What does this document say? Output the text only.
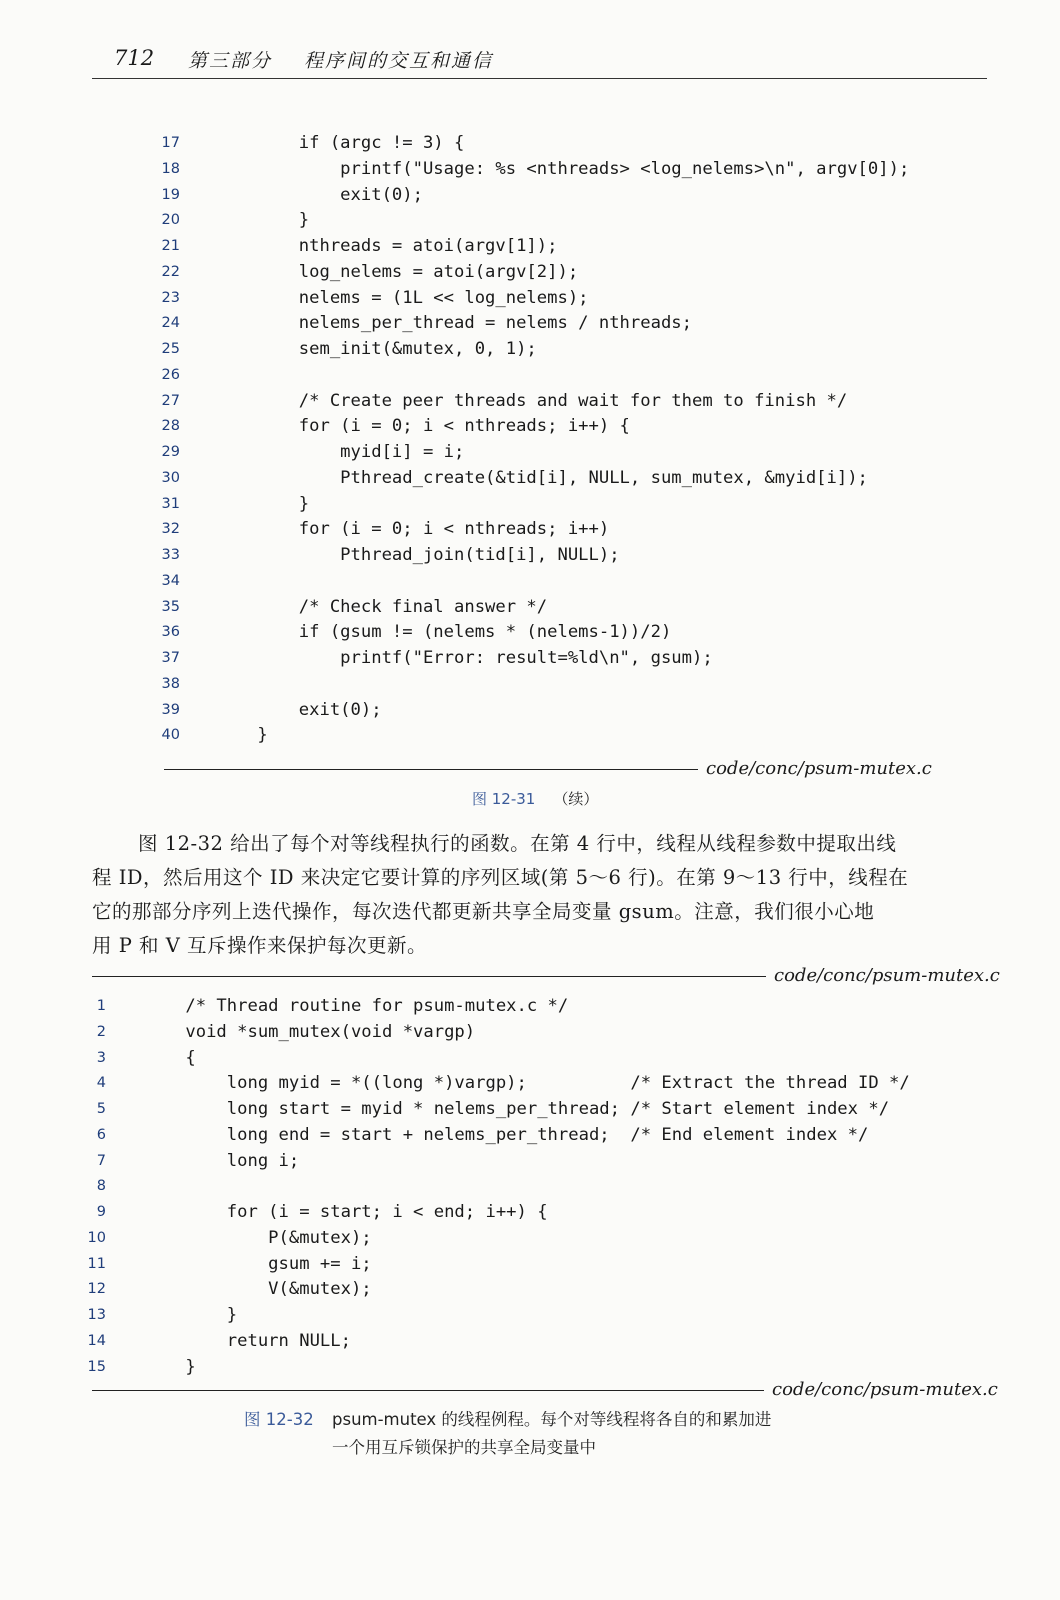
712 第三部分 程序间的交互和通信
17 if (argc != 3) {
18 printf("Usage: %s <nthreads> <log_nelems>\n", argv[0]);
19 exit(0);
20 }
21 nthreads = atoi(argv[1]);
22 log_nelems = atoi(argv[2]);
23 nelems = (1L << log_nelems);
24 nelems_per_thread = nelems / nthreads;
25 sem_init(&mutex, 0, 1);
26
27 /* Create peer threads and wait for them to finish */
28 for (i = 0; i < nthreads; i++) {
29 myid[i] = i;
30 Pthread_create(&tid[i], NULL, sum_mutex, &myid[i]);
31 }
32 for (i = 0; i < nthreads; i++)
33 Pthread_join(tid[i], NULL);
34
35 /* Check final answer */
36 if (gsum != (nelems * (nelems-1))/2)
37 printf("Error: result=%ld\n", gsum);
38
39 exit(0);
40 }
code/conc/psum-mutex.c
图 12-31 （续）

图 12-32 给出了每个对等线程执行的函数。在第 4 行中，线程从线程参数中提取出线

程 ID，然后用这个 ID 来决定它要计算的序列区域(第 5～6 行)。在第 9～13 行中，线程在

它的那部分序列上迭代操作，每次迭代都更新共享全局变量 gsum。注意，我们很小心地

用 P 和 V 互斥操作来保护每次更新。

code/conc/psum-mutex.c
1 /* Thread routine for psum-mutex.c */
2 void *sum_mutex(void *vargp)
3 {
4 long myid = *((long *)vargp);          /* Extract the thread ID */
5 long start = myid * nelems_per_thread; /* Start element index */
6 long end = start + nelems_per_thread;  /* End element index */
7 long i;
8
9 for (i = start; i < end; i++) {
10 P(&mutex);
11 gsum += i;
12 V(&mutex);
13 }
14 return NULL;
15 }
code/conc/psum-mutex.c
图 12-32 psum-mutex 的线程例程。每个对等线程将各自的和累加进
一个用互斥锁保护的共享全局变量中
